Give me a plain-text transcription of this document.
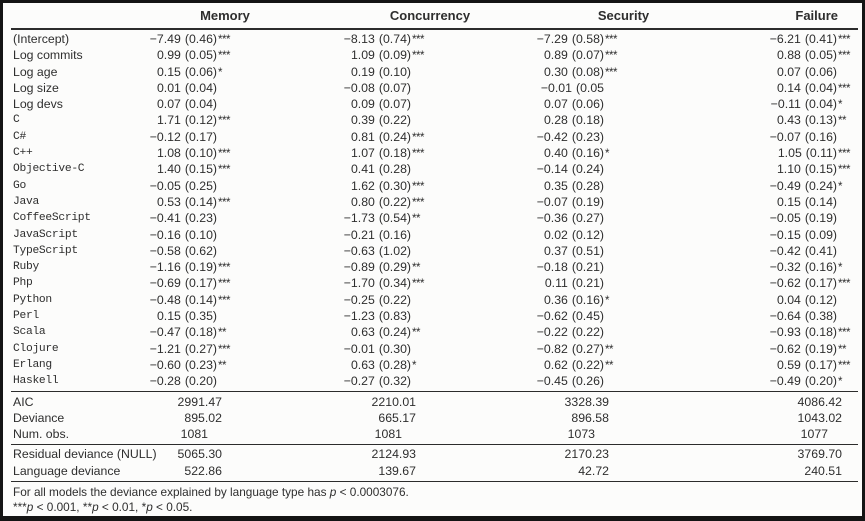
Memory	Concurrency	Security	Failure
(Intercept)	−7.49 (0.46) ***	−8.13 (0.74) ***	−7.29 (0.58) ***	−6.21 (0.41) ***
Log commits	0.99 (0.05) ***	1.09 (0.09) ***	0.89 (0.07) ***	0.88 (0.05) ***
Log age	0.15 (0.06) *	0.19 (0.10)	0.30 (0.08) ***	0.07 (0.06)
Log size	0.01 (0.04)	−0.08 (0.07)	−0.01 (0.05	0.14 (0.04) ***
Log devs	0.07 (0.04)	0.09 (0.07)	0.07 (0.06)	−0.11 (0.04) *
C	1.71 (0.12) ***	0.39 (0.22)	0.28 (0.18)	0.43 (0.13) **
C#	−0.12 (0.17)	0.81 (0.24) ***	−0.42 (0.23)	−0.07 (0.16)
C++	1.08 (0.10) ***	1.07 (0.18) ***	0.40 (0.16) *	1.05 (0.11) ***
Objective-C	1.40 (0.15) ***	0.41 (0.28)	−0.14 (0.24)	1.10 (0.15) ***
Go	−0.05 (0.25)	1.62 (0.30) ***	0.35 (0.28)	−0.49 (0.24) *
Java	0.53 (0.14) ***	0.80 (0.22) ***	−0.07 (0.19)	0.15 (0.14)
CoffeeScript	−0.41 (0.23)	−1.73 (0.54) **	−0.36 (0.27)	−0.05 (0.19)
JavaScript	−0.16 (0.10)	−0.21 (0.16)	0.02 (0.12)	−0.15 (0.09)
TypeScript	−0.58 (0.62)	−0.63 (1.02)	0.37 (0.51)	−0.42 (0.41)
Ruby	−1.16 (0.19) ***	−0.89 (0.29) **	−0.18 (0.21)	−0.32 (0.16) *
Php	−0.69 (0.17) ***	−1.70 (0.34) ***	0.11 (0.21)	−0.62 (0.17) ***
Python	−0.48 (0.14) ***	−0.25 (0.22)	0.36 (0.16) *	0.04 (0.12)
Perl	0.15 (0.35)	−1.23 (0.83)	−0.62 (0.45)	−0.64 (0.38)
Scala	−0.47 (0.18) **	0.63 (0.24) **	−0.22 (0.22)	−0.93 (0.18) ***
Clojure	−1.21 (0.27) ***	−0.01 (0.30)	−0.82 (0.27) **	−0.62 (0.19) **
Erlang	−0.60 (0.23) **	0.63 (0.28) *	0.62 (0.22) **	0.59 (0.17) ***
Haskell	−0.28 (0.20)	−0.27 (0.32)	−0.45 (0.26)	−0.49 (0.20) *
AIC	2991.47	2210.01	3328.39	4086.42
Deviance	895.02	665.17	896.58	1043.02
Num. obs.	1081	1081	1073	1077
Residual deviance (NULL) 5065.30	2124.93	2170.23	3769.70
Language deviance	522.86	139.67	42.72	240.51
For all models the deviance explained by language type has p < 0.0003076.
***p < 0.001, **p < 0.01, *p < 0.05.
